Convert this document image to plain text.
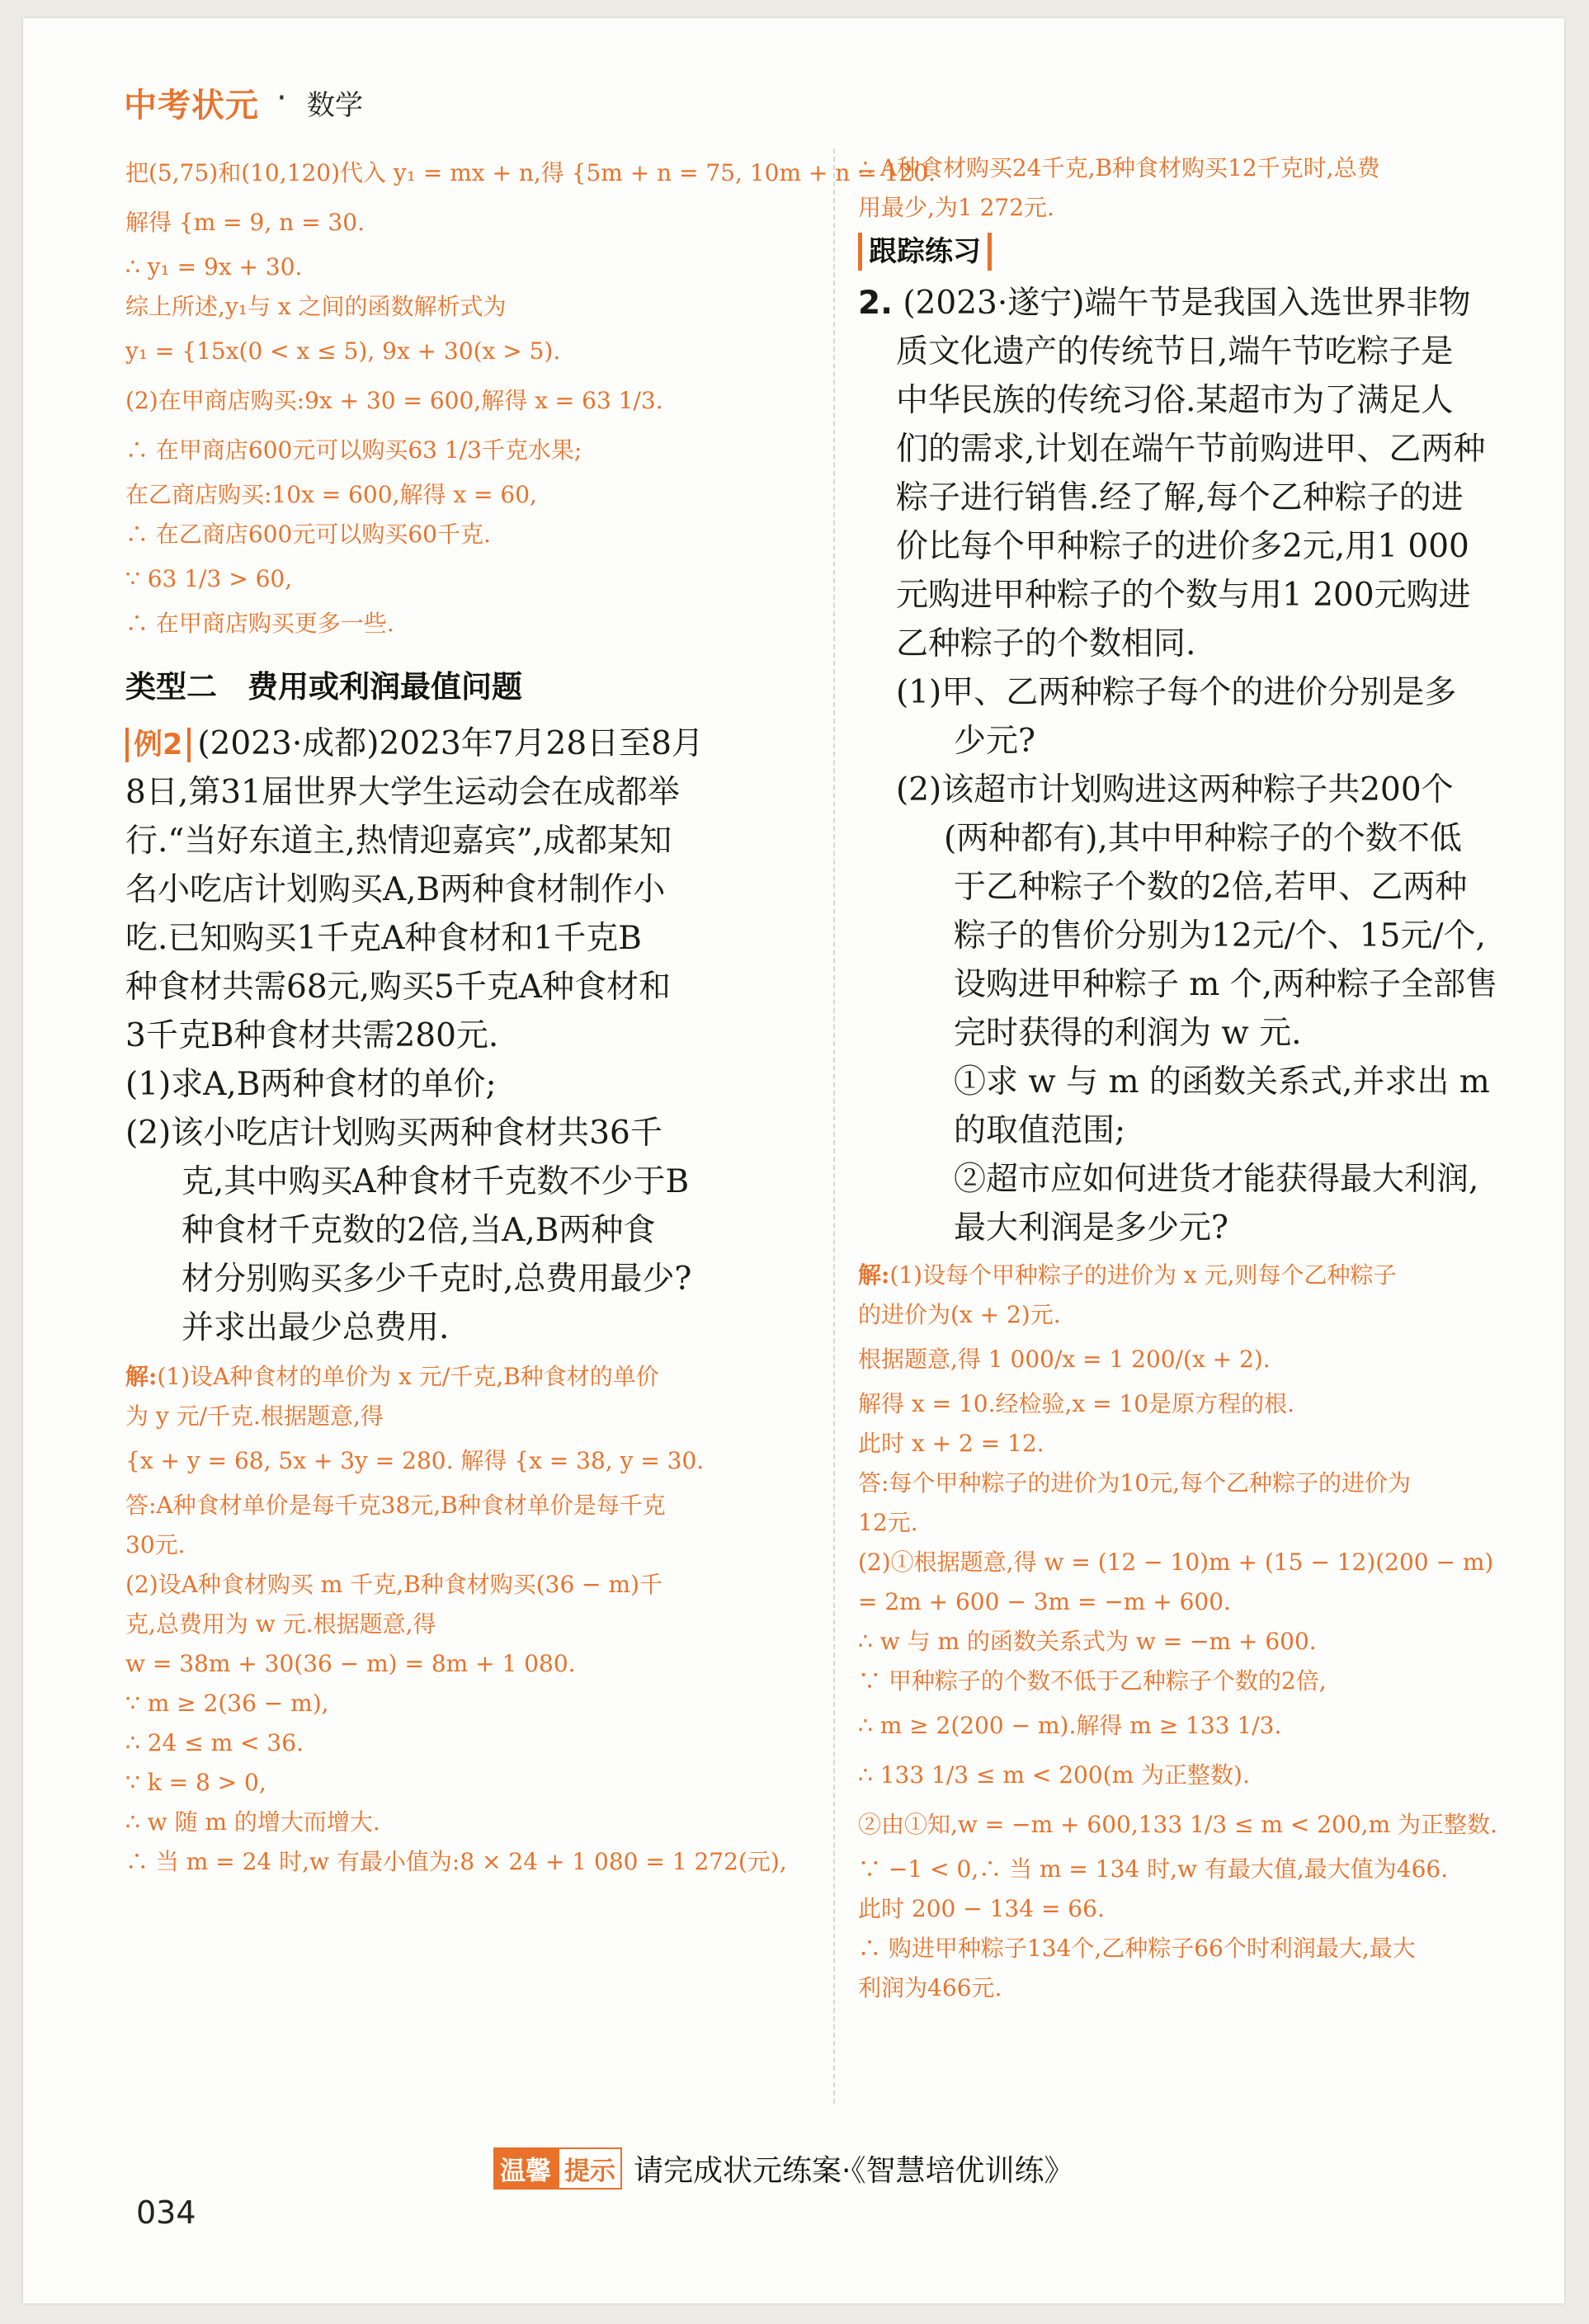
中考状元 · 数学
把(5,75)和(10,120)代入 y₁ = mx + n,得 {5m + n = 75, 10m + n = 120.
解得 {m = 9, n = 30.
∴ y₁ = 9x + 30.
综上所述,y₁与 x 之间的函数解析式为
y₁ = {15x(0 < x ≤ 5), 9x + 30(x > 5).
(2)在甲商店购买:9x + 30 = 600,解得 x = 63 1/3.
∴ 在甲商店600元可以购买63 1/3千克水果;
在乙商店购买:10x = 600,解得 x = 60,
∴ 在乙商店600元可以购买60千克.
∵ 63 1/3 > 60,
∴ 在甲商店购买更多一些.
类型二　费用或利润最值问题
例2 (2023·成都)2023年7月28日至8月
8日,第31届世界大学生运动会在成都举
行.“当好东道主,热情迎嘉宾”,成都某知
名小吃店计划购买A,B两种食材制作小
吃.已知购买1千克A种食材和1千克B
种食材共需68元,购买5千克A种食材和
3千克B种食材共需280元.
(1)求A,B两种食材的单价;
(2)该小吃店计划购买两种食材共36千
克,其中购买A种食材千克数不少于B
种食材千克数的2倍,当A,B两种食
材分别购买多少千克时,总费用最少?
并求出最少总费用.
解:(1)设A种食材的单价为 x 元/千克,B种食材的单价
为 y 元/千克.根据题意,得
{x + y = 68, 5x + 3y = 280. 解得 {x = 38, y = 30.
答:A种食材单价是每千克38元,B种食材单价是每千克
30元.
(2)设A种食材购买 m 千克,B种食材购买(36 − m)千
克,总费用为 w 元.根据题意,得
w = 38m + 30(36 − m) = 8m + 1 080.
∵ m ≥ 2(36 − m),
∴ 24 ≤ m < 36.
∵ k = 8 > 0,
∴ w 随 m 的增大而增大.
∴ 当 m = 24 时,w 有最小值为:8 × 24 + 1 080 = 1 272(元),
∴ A种食材购买24千克,B种食材购买12千克时,总费
用最少,为1 272元.
跟踪练习
2. (2023·遂宁)端午节是我国入选世界非物
质文化遗产的传统节日,端午节吃粽子是
中华民族的传统习俗.某超市为了满足人
们的需求,计划在端午节前购进甲、乙两种
粽子进行销售.经了解,每个乙种粽子的进
价比每个甲种粽子的进价多2元,用1 000
元购进甲种粽子的个数与用1 200元购进
乙种粽子的个数相同.
(1)甲、乙两种粽子每个的进价分别是多
少元?
(2)该超市计划购进这两种粽子共200个
(两种都有),其中甲种粽子的个数不低
于乙种粽子个数的2倍,若甲、乙两种
粽子的售价分别为12元/个、15元/个,
设购进甲种粽子 m 个,两种粽子全部售
完时获得的利润为 w 元.
①求 w 与 m 的函数关系式,并求出 m
的取值范围;
②超市应如何进货才能获得最大利润,
最大利润是多少元?
解:(1)设每个甲种粽子的进价为 x 元,则每个乙种粽子
的进价为(x + 2)元.
根据题意,得 1 000/x = 1 200/(x + 2).
解得 x = 10.经检验,x = 10是原方程的根.
此时 x + 2 = 12.
答:每个甲种粽子的进价为10元,每个乙种粽子的进价为
12元.
(2)①根据题意,得 w = (12 − 10)m + (15 − 12)(200 − m)
= 2m + 600 − 3m = −m + 600.
∴ w 与 m 的函数关系式为 w = −m + 600.
∵ 甲种粽子的个数不低于乙种粽子个数的2倍,
∴ m ≥ 2(200 − m).解得 m ≥ 133 1/3.
∴ 133 1/3 ≤ m < 200(m 为正整数).
②由①知,w = −m + 600,133 1/3 ≤ m < 200,m 为正整数.
∵ −1 < 0,∴ 当 m = 134 时,w 有最大值,最大值为466.
此时 200 − 134 = 66.
∴ 购进甲种粽子134个,乙种粽子66个时利润最大,最大
利润为466元.
温馨 提示 请完成状元练案·《智慧培优训练》
034
